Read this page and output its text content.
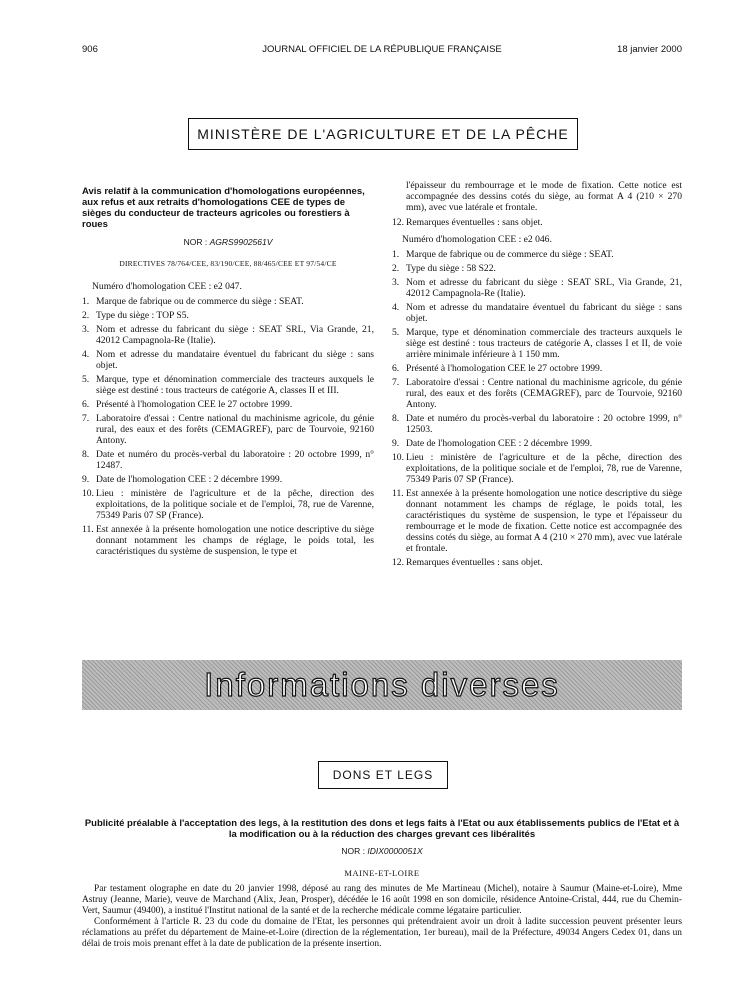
906	JOURNAL OFFICIEL DE LA RÉPUBLIQUE FRANÇAISE	18 janvier 2000
MINISTÈRE DE L'AGRICULTURE ET DE LA PÊCHE
Avis relatif à la communication d'homologations européennes, aux refus et aux retraits d'homologations CEE de types de sièges du conducteur de tracteurs agricoles ou forestiers à roues
NOR : AGRS9902561V
DIRECTIVES 78/764/CEE, 83/190/CEE, 88/465/CEE ET 97/54/CE
Numéro d'homologation CEE : e2 047.
1. Marque de fabrique ou de commerce du siège : SEAT.
2. Type du siège : TOP S5.
3. Nom et adresse du fabricant du siège : SEAT SRL, Via Grande, 21, 42012 Campagnola-Re (Italie).
4. Nom et adresse du mandataire éventuel du fabricant du siège : sans objet.
5. Marque, type et dénomination commerciale des tracteurs auxquels le siège est destiné : tous tracteurs de catégorie A, classes II et III.
6. Présenté à l'homologation CEE le 27 octobre 1999.
7. Laboratoire d'essai : Centre national du machinisme agricole, du génie rural, des eaux et des forêts (CEMAGREF), parc de Tourvoie, 92160 Antony.
8. Date et numéro du procès-verbal du laboratoire : 20 octobre 1999, n° 12487.
9. Date de l'homologation CEE : 2 décembre 1999.
10. Lieu : ministère de l'agriculture et de la pêche, direction des exploitations, de la politique sociale et de l'emploi, 78, rue de Varenne, 75349 Paris 07 SP (France).
11. Est annexée à la présente homologation une notice descriptive du siège donnant notamment les champs de réglage, le poids total, les caractéristiques du système de suspension, le type et
l'épaisseur du rembourrage et le mode de fixation. Cette notice est accompagnée des dessins cotés du siège, au format A 4 (210 × 270 mm), avec vue latérale et frontale.
12. Remarques éventuelles : sans objet.
Numéro d'homologation CEE : e2 046.
1. Marque de fabrique ou de commerce du siège : SEAT.
2. Type du siège : 58 S22.
3. Nom et adresse du fabricant du siège : SEAT SRL, Via Grande, 21, 42012 Campagnola-Re (Italie).
4. Nom et adresse du mandataire éventuel du fabricant du siège : sans objet.
5. Marque, type et dénomination commerciale des tracteurs auxquels le siège est destiné : tous tracteurs de catégorie A, classes I et II, de voie arrière minimale inférieure à 1 150 mm.
6. Présenté à l'homologation CEE le 27 octobre 1999.
7. Laboratoire d'essai : Centre national du machinisme agricole, du génie rural, des eaux et des forêts (CEMAGREF), parc de Tourvoie, 92160 Antony.
8. Date et numéro du procès-verbal du laboratoire : 20 octobre 1999, n° 12503.
9. Date de l'homologation CEE : 2 décembre 1999.
10. Lieu : ministère de l'agriculture et de la pêche, direction des exploitations, de la politique sociale et de l'emploi, 78, rue de Varenne, 75349 Paris 07 SP (France).
11. Est annexée à la présente homologation une notice descriptive du siège donnant notamment les champs de réglage, le poids total, les caractéristiques du système de suspension, le type et l'épaisseur du rembourrage et le mode de fixation. Cette notice est accompagnée des dessins cotés du siège, au format A 4 (210 × 270 mm), avec vue latérale et frontale.
12. Remarques éventuelles : sans objet.
Informations diverses
DONS ET LEGS
Publicité préalable à l'acceptation des legs, à la restitution des dons et legs faits à l'Etat ou aux établissements publics de l'Etat et à la modification ou à la réduction des charges grevant ces libéralités
NOR : IDIX0000051X
MAINE-ET-LOIRE

Par testament olographe en date du 20 janvier 1998, déposé au rang des minutes de Me Martineau (Michel), notaire à Saumur (Maine-et-Loire), Mme Astruy (Jeanne, Marie), veuve de Marchand (Alix, Jean, Prosper), décédée le 16 août 1998 en son domicile, résidence Antoine-Cristal, 444, rue du Chemin-Vert, Saumur (49400), a institué l'Institut national de la santé et de la recherche médicale comme légataire particulier.

Conformément à l'article R. 23 du code du domaine de l'Etat, les personnes qui prétendraient avoir un droit à ladite succession peuvent présenter leurs réclamations au préfet du département de Maine-et-Loire (direction de la réglementation, 1er bureau), mail de la Préfecture, 49034 Angers Cedex 01, dans un délai de trois mois prenant effet à la date de publication de la présente insertion.
